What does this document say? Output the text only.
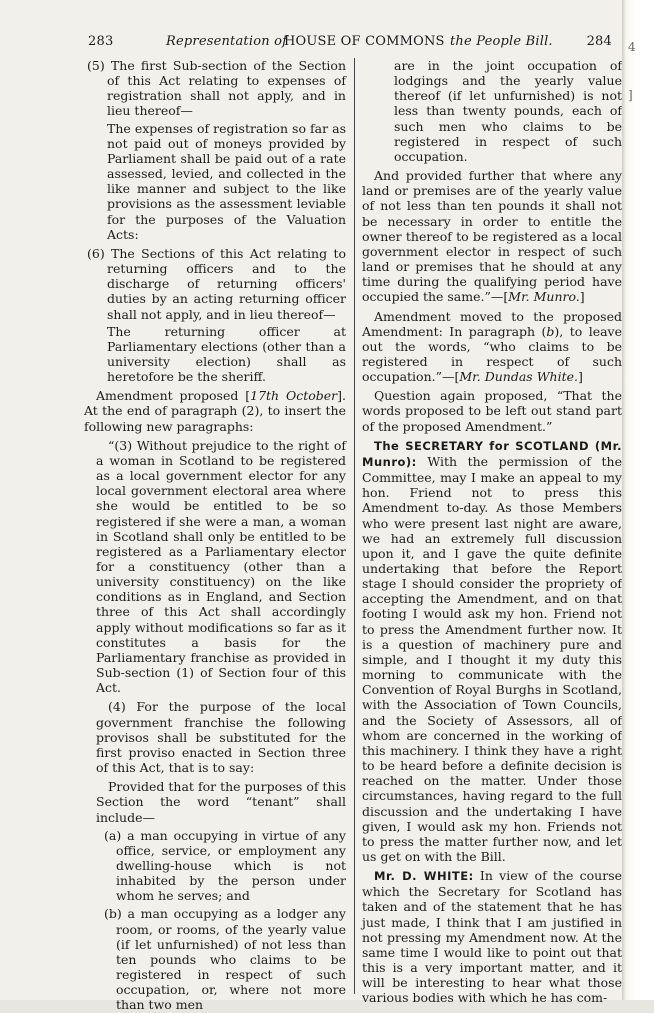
283	Representation of
HOUSE OF COMMONS the People Bill.	284

(5) The first Sub-section of the Section of this Act relating to expenses of registration shall not apply, and in lieu thereof—

The expenses of registration so far as not paid out of moneys provided by Parliament shall be paid out of a rate assessed, levied, and collected in the like manner and subject to the like provisions as the assessment leviable for the purposes of the Valuation Acts:

(6) The Sections of this Act relating to returning officers and to the discharge of returning officers' duties by an acting returning officer shall not apply, and in lieu thereof—

The returning officer at Parliamentary elections (other than a university election) shall as heretofore be the sheriff.

Amendment proposed [17th October]. At the end of paragraph (2), to insert the following new paragraphs:

“(3) Without prejudice to the right of a woman in Scotland to be registered as a local government elector for any local government electoral area where she would be entitled to be so registered if she were a man, a woman in Scotland shall only be entitled to be registered as a Parliamentary elector for a constituency (other than a university constituency) on the like conditions as in England, and Section three of this Act shall accordingly apply without modifications so far as it constitutes a basis for the Parliamentary franchise as provided in Sub-section (1) of Section four of this Act.

(4) For the purpose of the local government franchise the following provisos shall be substituted for the first proviso enacted in Section three of this Act, that is to say:

Provided that for the purposes of this Section the word “tenant” shall include—

(a) a man occupying in virtue of any office, service, or employment any dwelling-house which is not inhabited by the person under whom he serves; and

(b) a man occupying as a lodger any room, or rooms, of the yearly value (if let unfurnished) of not less than ten pounds who claims to be registered in respect of such occupation, or, where not more than two men

are in the joint occupation of lodgings and the yearly value thereof (if let unfurnished) is not less than twenty pounds, each of such men who claims to be registered in respect of such occupation.

And provided further that where any land or premises are of the yearly value of not less than ten pounds it shall not be necessary in order to entitle the owner thereof to be registered as a local government elector in respect of such land or premises that he should at any time during the qualifying period have occupied the same.”—[Mr. Munro.]

Amendment moved to the proposed Amendment: In paragraph (b), to leave out the words, “who claims to be registered in respect of such occupation.”—[Mr. Dundas White.]

Question again proposed, “That the words proposed to be left out stand part of the proposed Amendment.”

The SECRETARY for SCOTLAND (Mr. Munro): With the permission of the Committee, may I make an appeal to my hon. Friend not to press this Amendment to-day. As those Members who were present last night are aware, we had an extremely full discussion upon it, and I gave the quite definite undertaking that before the Report stage I should consider the propriety of accepting the Amendment, and on that footing I would ask my hon. Friend not to press the Amendment further now. It is a question of machinery pure and simple, and I thought it my duty this morning to communicate with the Convention of Royal Burghs in Scotland, with the Association of Town Councils, and the Society of Assessors, all of whom are concerned in the working of this machinery. I think they have a right to be heard before a definite decision is reached on the matter. Under those circumstances, having regard to the full discussion and the undertaking I have given, I would ask my hon. Friends not to press the matter further now, and let us get on with the Bill.

Mr. D. WHITE: In view of the course which the Secretary for Scotland has taken and of the statement that he has just made, I think that I am justified in not pressing my Amendment now. At the same time I would like to point out that this is a very important matter, and it will be interesting to hear what those various bodies with which he has com-

4
]
